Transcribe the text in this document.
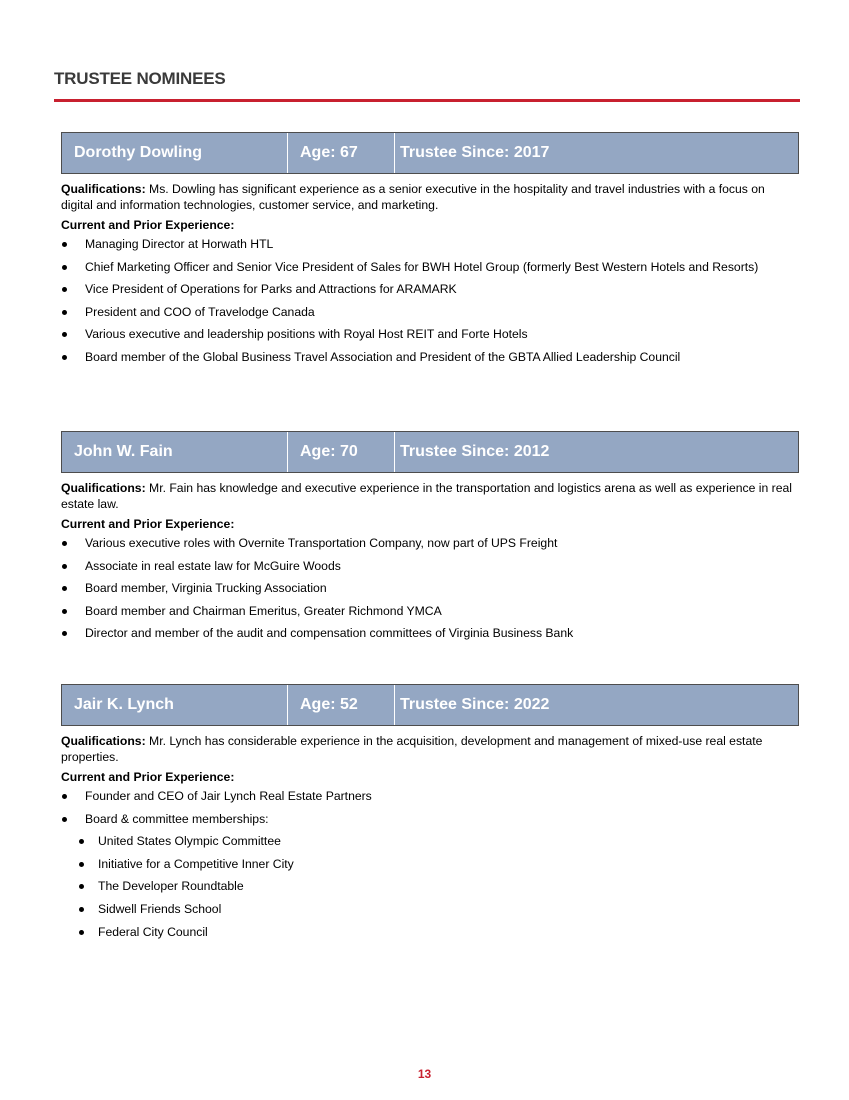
TRUSTEE NOMINEES
Dorothy Dowling	Age: 67	Trustee Since: 2017
Qualifications: Ms. Dowling has significant experience as a senior executive in the hospitality and travel industries with a focus on digital and information technologies, customer service, and marketing.
Current and Prior Experience:
Managing Director at Horwath HTL
Chief Marketing Officer and Senior Vice President of Sales for BWH Hotel Group (formerly Best Western Hotels and Resorts)
Vice President of Operations for Parks and Attractions for ARAMARK
President and COO of Travelodge Canada
Various executive and leadership positions with Royal Host REIT and Forte Hotels
Board member of the Global Business Travel Association and President of the GBTA Allied Leadership Council
John W. Fain	Age: 70	Trustee Since: 2012
Qualifications: Mr. Fain has knowledge and executive experience in the transportation and logistics arena as well as experience in real estate law.
Current and Prior Experience:
Various executive roles with Overnite Transportation Company, now part of UPS Freight
Associate in real estate law for McGuire Woods
Board member, Virginia Trucking Association
Board member and Chairman Emeritus, Greater Richmond YMCA
Director and member of the audit and compensation committees of Virginia Business Bank
Jair K. Lynch	Age: 52	Trustee Since: 2022
Qualifications: Mr. Lynch has considerable experience in the acquisition, development and management of mixed-use real estate properties.
Current and Prior Experience:
Founder and CEO of Jair Lynch Real Estate Partners
Board & committee memberships:
United States Olympic Committee
Initiative for a Competitive Inner City
The Developer Roundtable
Sidwell Friends School
Federal City Council
13
